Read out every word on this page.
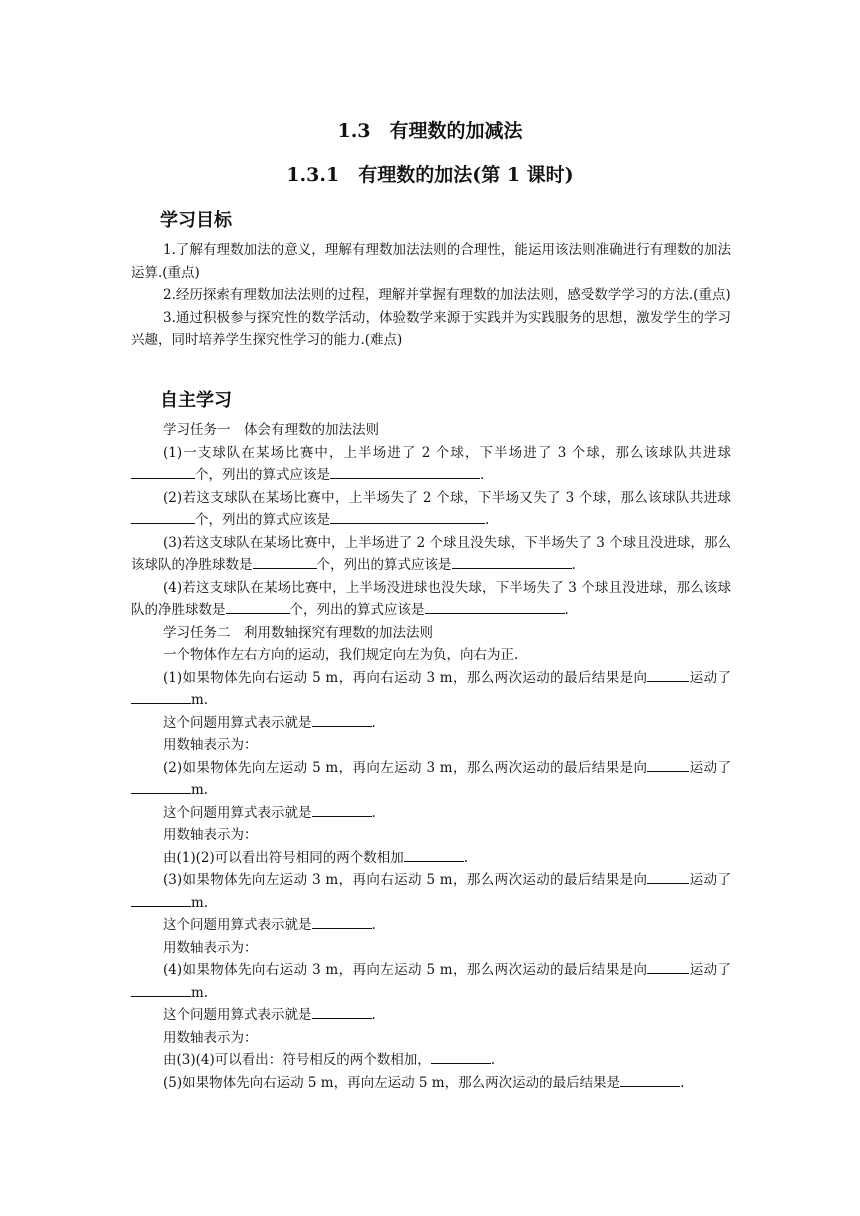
1.3　有理数的加减法
1.3.1　有理数的加法(第 1 课时)
学习目标

1.了解有理数加法的意义，理解有理数加法法则的合理性，能运用该法则准确进行有理数的加法运算.(重点)

2.经历探索有理数加法法则的过程，理解并掌握有理数的加法法则，感受数学学习的方法.(重点)

3.通过积极参与探究性的数学活动，体验数学来源于实践并为实践服务的思想，激发学生的学习兴趣，同时培养学生探究性学习的能力.(难点)

自主学习

学习任务一　体会有理数的加法法则

(1)一支球队在某场比赛中，上半场进了 2 个球，下半场进了 3 个球，那么该球队共进球个，列出的算式应该是	.

(2)若这支球队在某场比赛中，上半场失了 2 个球，下半场又失了 3 个球，那么该球队共进球个，列出的算式应该是	.

(3)若这支球队在某场比赛中，上半场进了 2 个球且没失球，下半场失了 3 个球且没进球，那么该球队的净胜球数是	个，列出的算式应该是	.

(4)若这支球队在某场比赛中，上半场没进球也没失球，下半场失了 3 个球且没进球，那么该球队的净胜球数是	个，列出的算式应该是	.

学习任务二　利用数轴探究有理数的加法法则

一个物体作左右方向的运动，我们规定向左为负，向右为正.

(1)如果物体先向右运动 5 m，再向右运动 3 m，那么两次运动的最后结果是向	运动了m.

这个问题用算式表示就是	.

用数轴表示为：

(2)如果物体先向左运动 5 m，再向左运动 3 m，那么两次运动的最后结果是向	运动了m.

这个问题用算式表示就是	.

用数轴表示为：

由(1)(2)可以看出符号相同的两个数相加	.

(3)如果物体先向左运动 3 m，再向右运动 5 m，那么两次运动的最后结果是向	运动了m.

这个问题用算式表示就是	.

用数轴表示为：

(4)如果物体先向右运动 3 m，再向左运动 5 m，那么两次运动的最后结果是向	运动了m.

这个问题用算式表示就是	.

用数轴表示为：

由(3)(4)可以看出：符号相反的两个数相加，	.

(5)如果物体先向右运动 5 m，再向左运动 5 m，那么两次运动的最后结果是	.
